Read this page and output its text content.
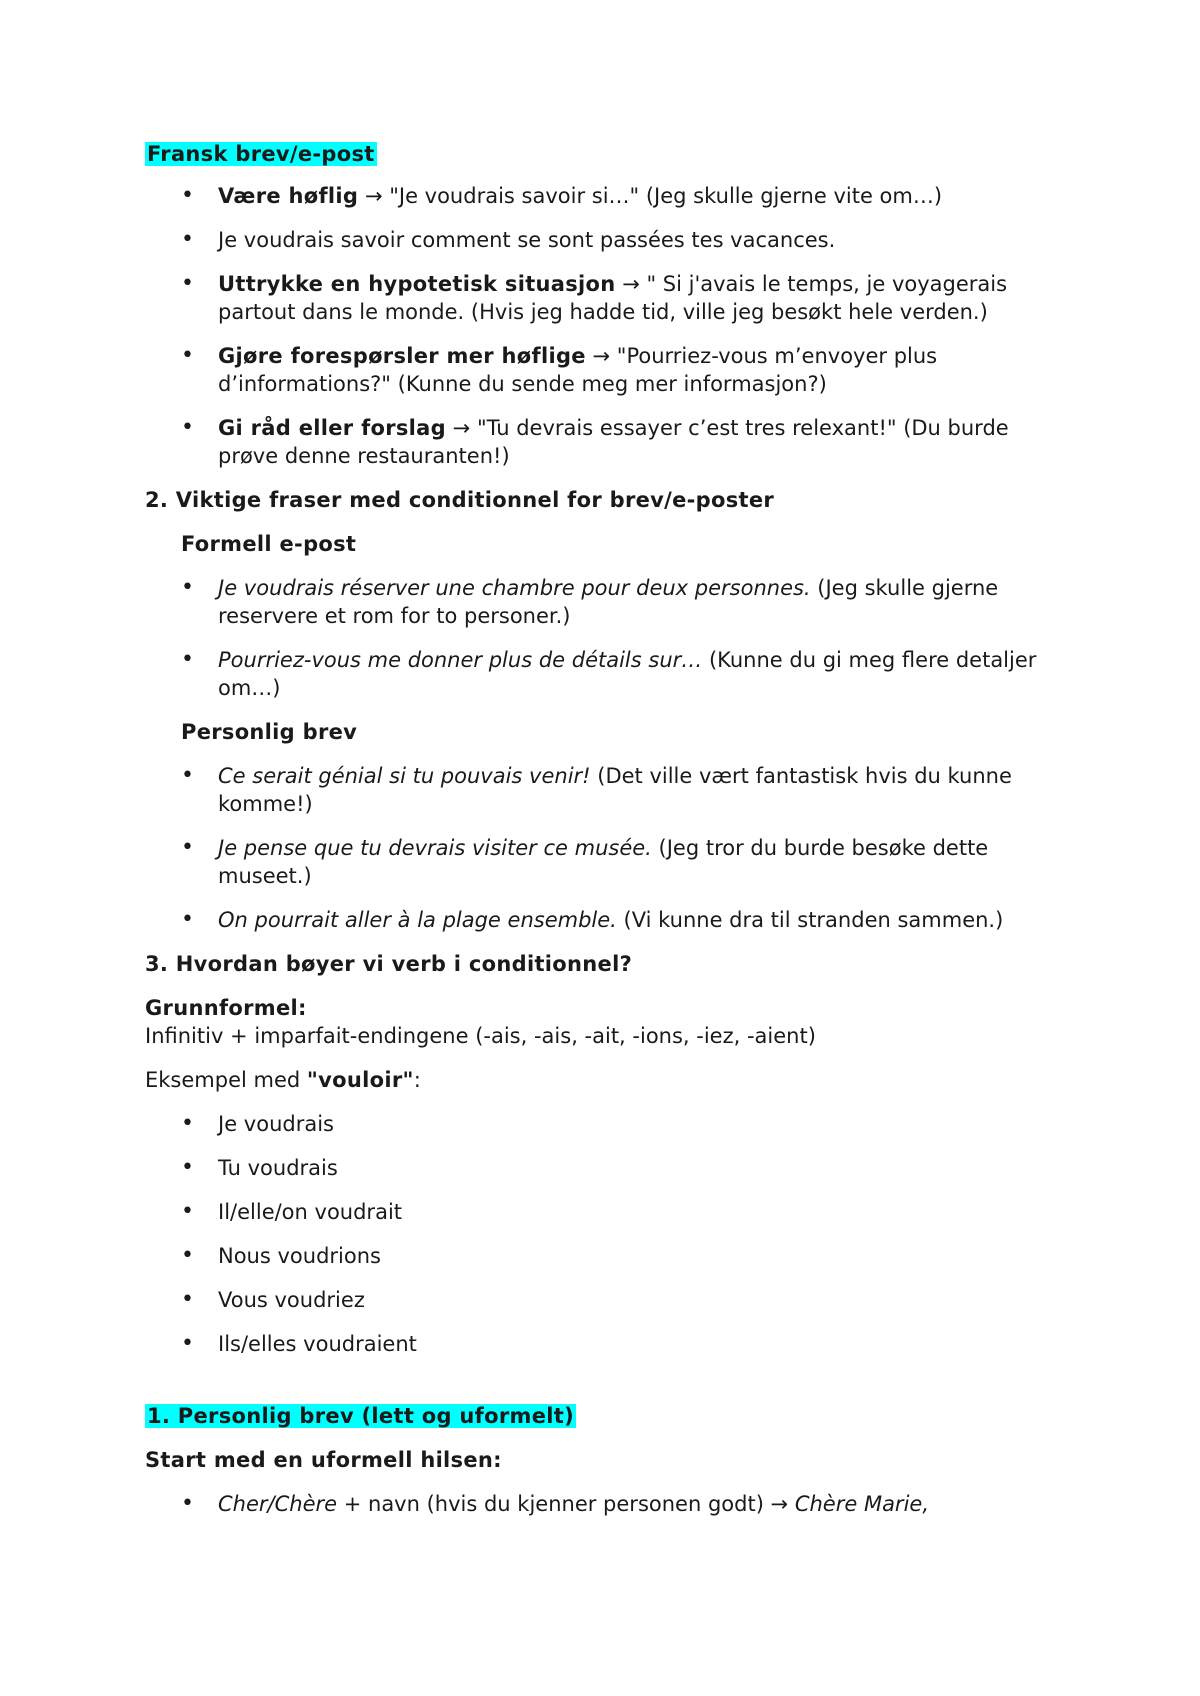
Fransk brev/e-post

• Være høflig → "Je voudrais savoir si…" (Jeg skulle gjerne vite om…)
• Je voudrais savoir comment se sont passées tes vacances.
• Uttrykke en hypotetisk situasjon → " Si j'avais le temps, je voyagerais partout dans le monde. (Hvis jeg hadde tid, ville jeg besøkt hele verden.)
• Gjøre forespørsler mer høflige → "Pourriez-vous m’envoyer plus d’informations?" (Kunne du sende meg mer informasjon?)
• Gi råd eller forslag → "Tu devrais essayer c’est tres relexant!" (Du burde prøve denne restauranten!)

2. Viktige fraser med conditionnel for brev/e-poster

Formell e-post

• Je voudrais réserver une chambre pour deux personnes. (Jeg skulle gjerne reservere et rom for to personer.)
• Pourriez-vous me donner plus de détails sur… (Kunne du gi meg flere detaljer om…)

Personlig brev

• Ce serait génial si tu pouvais venir! (Det ville vært fantastisk hvis du kunne komme!)
• Je pense que tu devrais visiter ce musée. (Jeg tror du burde besøke dette museet.)
• On pourrait aller à la plage ensemble. (Vi kunne dra til stranden sammen.)

3. Hvordan bøyer vi verb i conditionnel?

Grunnformel:

Infinitiv + imparfait-endingene (-ais, -ais, -ait, -ions, -iez, -aient)

Eksempel med "vouloir":

• Je voudrais
• Tu voudrais
• Il/elle/on voudrait
• Nous voudrions
• Vous voudriez
• Ils/elles voudraient

1. Personlig brev (lett og uformelt)

Start med en uformell hilsen:

• Cher/Chère + navn (hvis du kjenner personen godt) → Chère Marie,
